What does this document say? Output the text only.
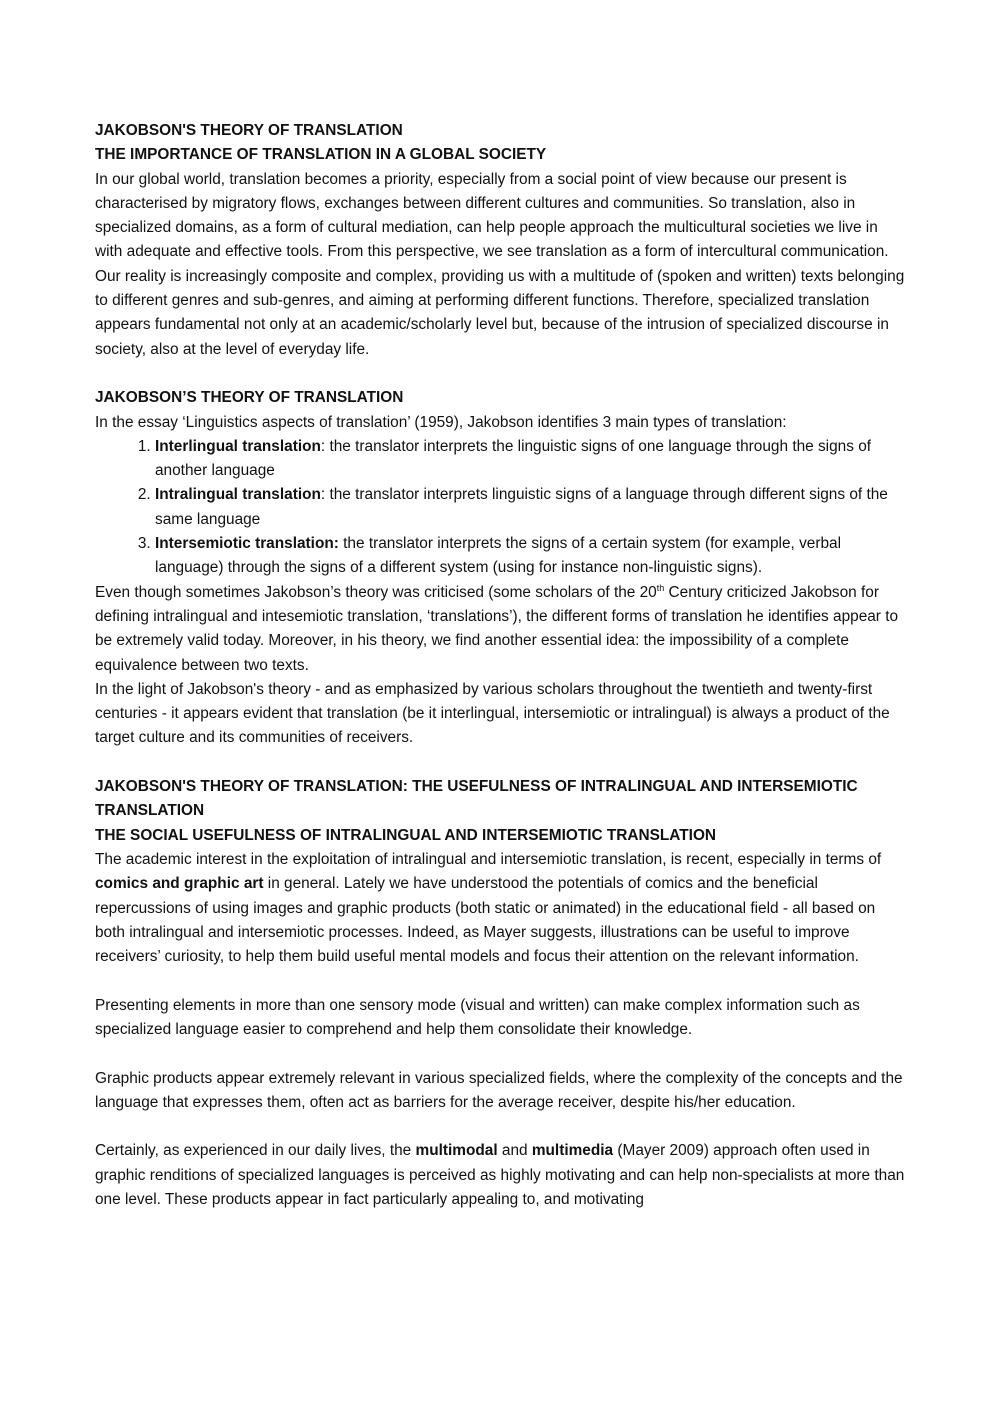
JAKOBSON'S THEORY OF TRANSLATION

THE IMPORTANCE OF TRANSLATION IN A GLOBAL SOCIETY

In our global world, translation becomes a priority, especially from a social point of view because our present is characterised by migratory flows, exchanges between different cultures and communities. So translation, also in specialized domains, as a form of cultural mediation, can help people approach the multicultural societies we live in with adequate and effective tools. From this perspective, we see translation as a form of intercultural communication.

Our reality is increasingly composite and complex, providing us with a multitude of (spoken and written) texts belonging to different genres and sub-genres, and aiming at performing different functions. Therefore, specialized translation appears fundamental not only at an academic/scholarly level but, because of the intrusion of specialized discourse in society, also at the level of everyday life.

JAKOBSON’S THEORY OF TRANSLATION

In the essay ‘Linguistics aspects of translation’ (1959), Jakobson identifies 3 main types of translation:

1. Interlingual translation: the translator interprets the linguistic signs of one language through the signs of another language
2. Intralingual translation: the translator interprets linguistic signs of a language through different signs of the same language
3. Intersemiotic translation: the translator interprets the signs of a certain system (for example, verbal language) through the signs of a different system (using for instance non-linguistic signs).

Even though sometimes Jakobson’s theory was criticised (some scholars of the 20th Century criticized Jakobson for defining intralingual and intesemiotic translation, ‘translations’), the different forms of translation he identifies appear to be extremely valid today. Moreover, in his theory, we find another essential idea: the impossibility of a complete equivalence between two texts.

In the light of Jakobson's theory - and as emphasized by various scholars throughout the twentieth and twenty-first centuries - it appears evident that translation (be it interlingual, intersemiotic or intralingual) is always a product of the target culture and its communities of receivers.

JAKOBSON'S THEORY OF TRANSLATION: THE USEFULNESS OF INTRALINGUAL AND INTERSEMIOTIC TRANSLATION

THE SOCIAL USEFULNESS OF INTRALINGUAL AND INTERSEMIOTIC TRANSLATION

The academic interest in the exploitation of intralingual and intersemiotic translation, is recent, especially in terms of comics and graphic art in general. Lately we have understood the potentials of comics and the beneficial repercussions of using images and graphic products (both static or animated) in the educational field - all based on both intralingual and intersemiotic processes. Indeed, as Mayer suggests, illustrations can be useful to improve receivers’ curiosity, to help them build useful mental models and focus their attention on the relevant information.

Presenting elements in more than one sensory mode (visual and written) can make complex information such as specialized language easier to comprehend and help them consolidate their knowledge.

Graphic products appear extremely relevant in various specialized fields, where the complexity of the concepts and the language that expresses them, often act as barriers for the average receiver, despite his/her education.

Certainly, as experienced in our daily lives, the multimodal and multimedia (Mayer 2009) approach often used in graphic renditions of specialized languages is perceived as highly motivating and can help non-specialists at more than one level. These products appear in fact particularly appealing to, and motivating
